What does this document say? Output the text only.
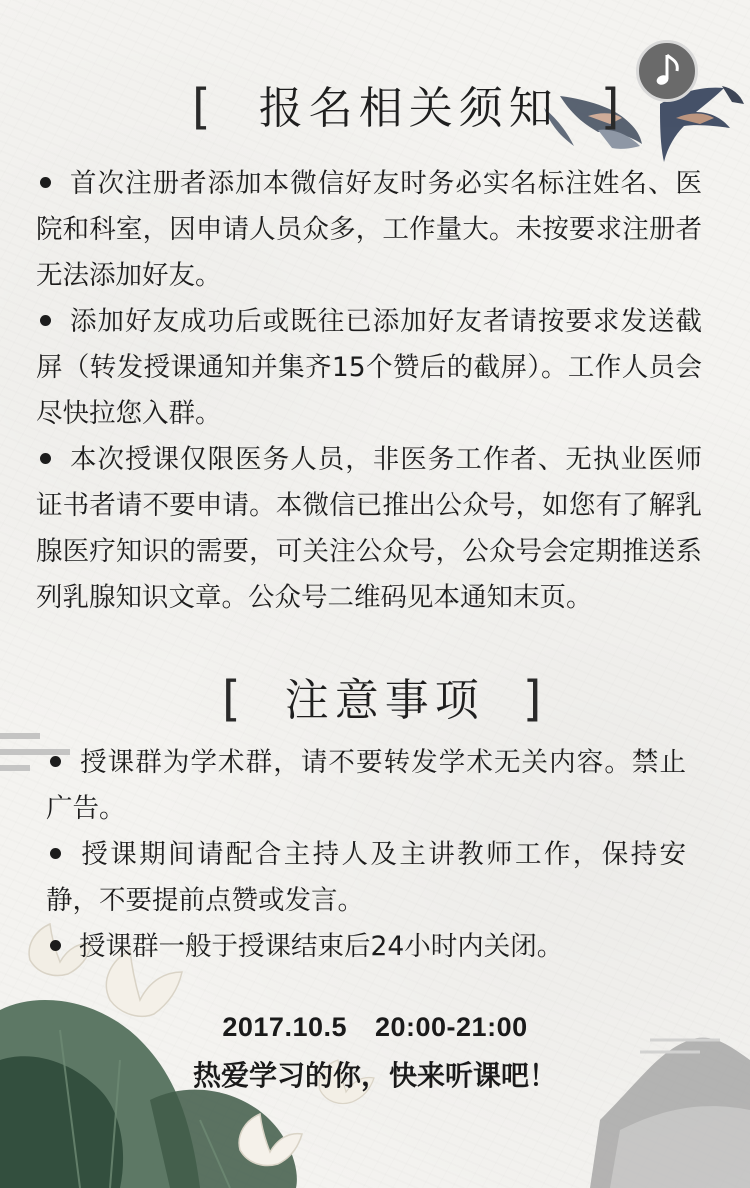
[ 报名相关须知 ]
首次注册者添加本微信好友时务必实名标注姓名、医院和科室，因申请人员众多，工作量大。未按要求注册者无法添加好友。
添加好友成功后或既往已添加好友者请按要求发送截屏（转发授课通知并集齐15个赞后的截屏）。工作人员会尽快拉您入群。
本次授课仅限医务人员，非医务工作者、无执业医师证书者请不要申请。本微信已推出公众号，如您有了解乳腺医疗知识的需要，可关注公众号，公众号会定期推送系列乳腺知识文章。公众号二维码见本通知末页。
[ 注意事项 ]
授课群为学术群，请不要转发学术无关内容。禁止广告。
授课期间请配合主持人及主讲教师工作，保持安静，不要提前点赞或发言。
授课群一般于授课结束后24小时内关闭。
2017.10.5  20:00-21:00
热爱学习的你，快来听课吧！
